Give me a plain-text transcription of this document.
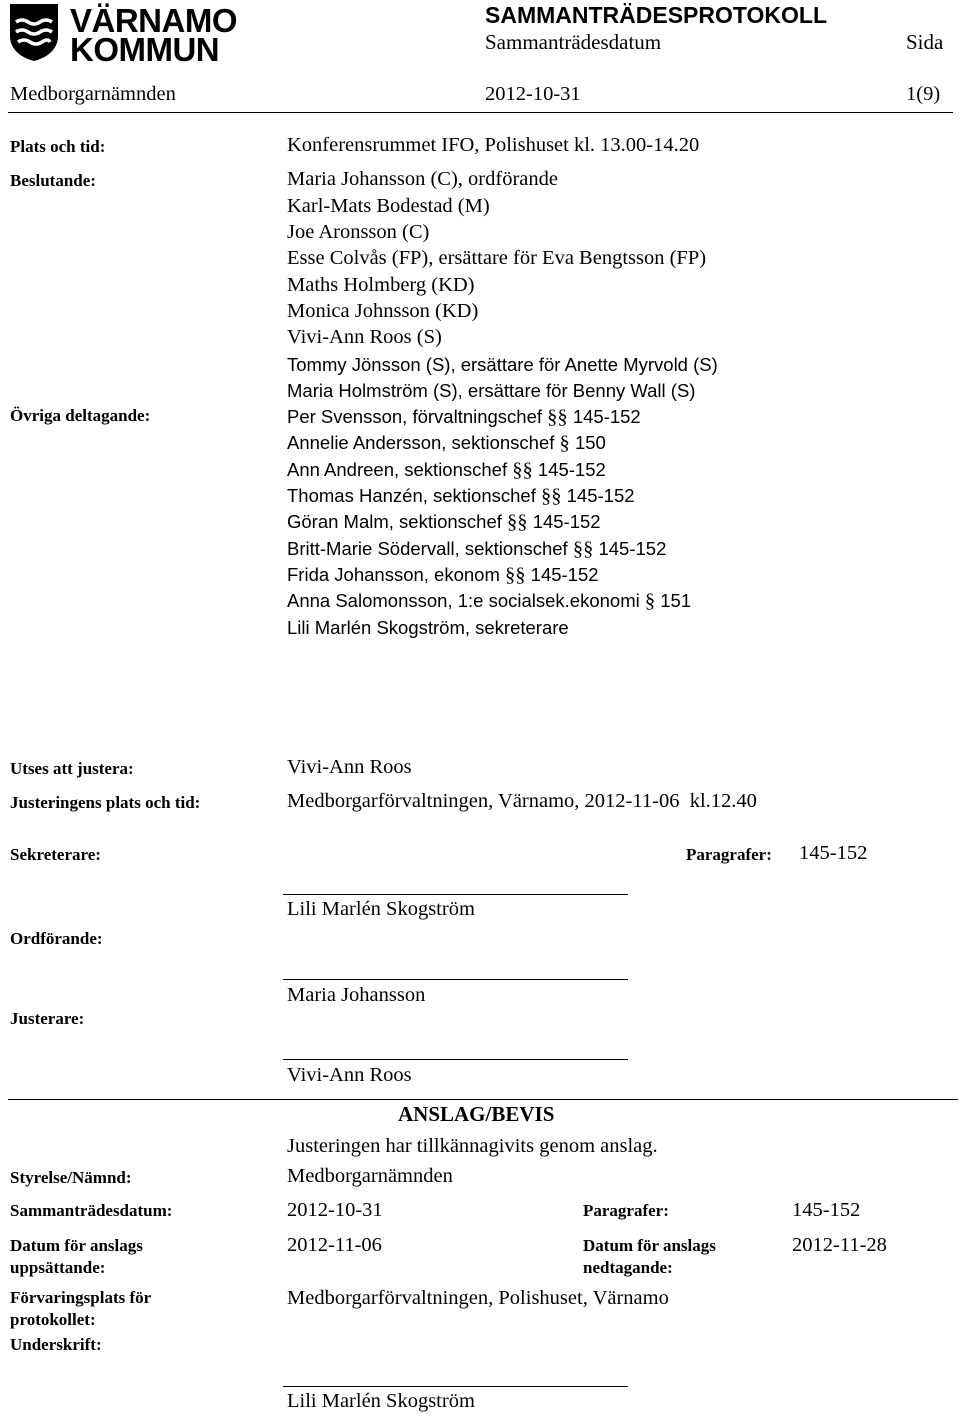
VÄRNAMO
KOMMUN
SAMMANTRÄDESPROTOKOLL
Sammanträdesdatum	Sida
Medborgarnämnden	2012-10-31	1(9)
Plats och tid:	Konferensrummet IFO, Polishuset kl. 13.00-14.20
Beslutande:	Maria Johansson (C), ordförande
Karl-Mats Bodestad (M)
Joe Aronsson (C)
Esse Colvås (FP), ersättare för Eva Bengtsson (FP)
Maths Holmberg (KD)
Monica Johnsson (KD)
Vivi-Ann Roos (S)
Tommy Jönsson (S), ersättare för Anette Myrvold (S)
Maria Holmström (S), ersättare för Benny Wall (S)
Övriga deltagande:	Per Svensson, förvaltningschef §§ 145-152
Annelie Andersson, sektionschef § 150
Ann Andreen, sektionschef §§ 145-152
Thomas Hanzén, sektionschef §§ 145-152
Göran Malm, sektionschef §§ 145-152
Britt-Marie Södervall, sektionschef §§ 145-152
Frida Johansson, ekonom §§ 145-152
Anna Salomonsson, 1:e socialsek.ekonomi § 151
Lili Marlén Skogström, sekreterare
Utses att justera:	Vivi-Ann Roos
Justeringens plats och tid:	Medborgarförvaltningen, Värnamo, 2012-11-06  kl.12.40
Sekreterare:	Paragrafer: 145-152
Lili Marlén Skogström
Ordförande:
Maria Johansson
Justerare:
Vivi-Ann Roos
ANSLAG/BEVIS
Justeringen har tillkännagivits genom anslag.
Styrelse/Nämnd:	Medborgarnämnden
Sammanträdesdatum:	2012-10-31	Paragrafer:	145-152
Datum för anslags
uppsättande:
2012-11-06	Datum för anslags
nedtagande:
2012-11-28
Förvaringsplats för
protokollet:
Medborgarförvaltningen, Polishuset, Värnamo
Underskrift:
Lili Marlén Skogström
